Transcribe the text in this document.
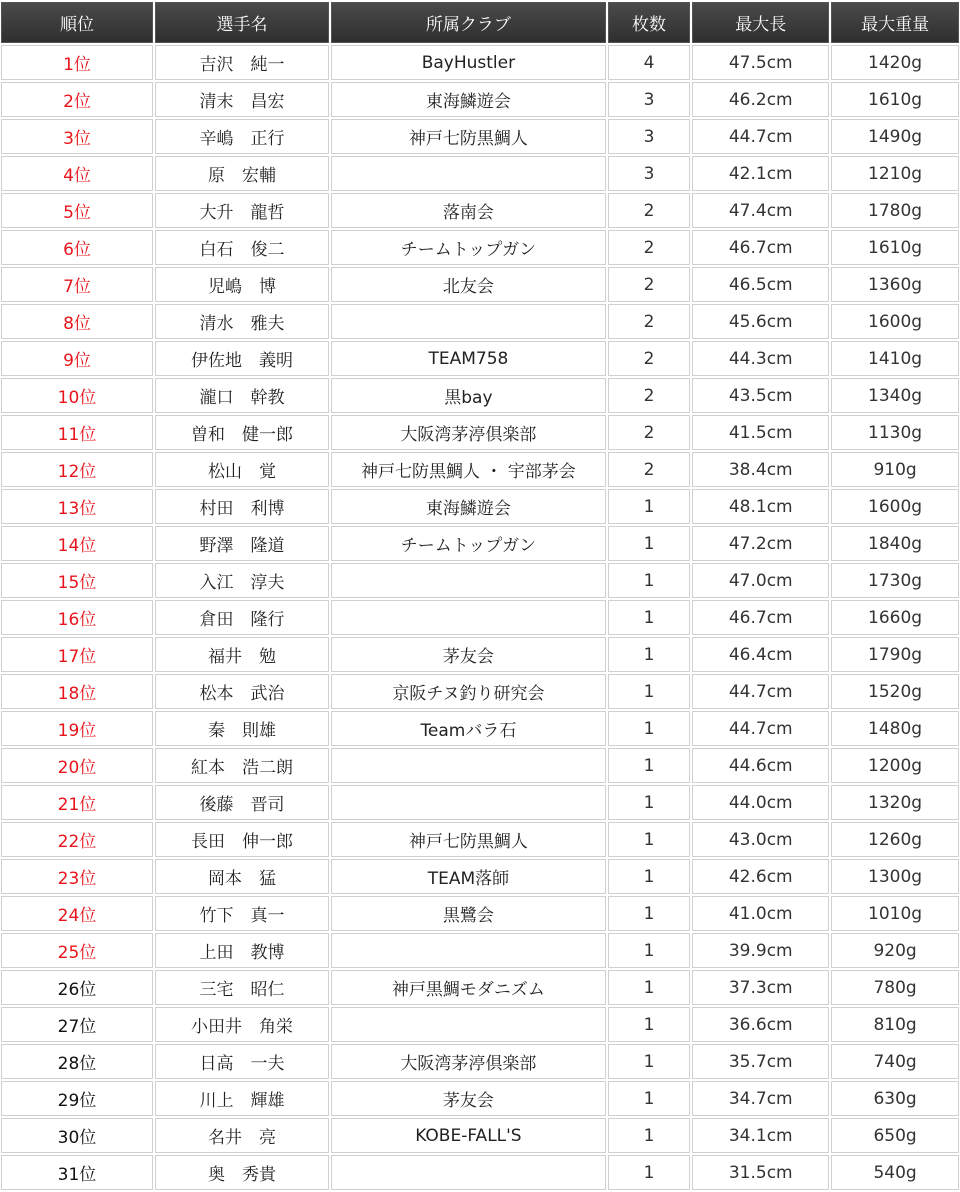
順位	選手名	所属クラブ	枚数	最大長	最大重量
1位	吉沢　純一	BayHustler	4	47.5cm	1420g
2位	清末　昌宏	東海鱗遊会	3	46.2cm	1610g
3位	辛嶋　正行	神戸七防黒鯛人	3	44.7cm	1490g
4位	原　宏輔		3	42.1cm	1210g
5位	大升　龍哲	落南会	2	47.4cm	1780g
6位	白石　俊二	チームトップガン	2	46.7cm	1610g
7位	児嶋　博	北友会	2	46.5cm	1360g
8位	清水　雅夫		2	45.6cm	1600g
9位	伊佐地　義明	TEAM758	2	44.3cm	1410g
10位	瀧口　幹教	黒bay	2	43.5cm	1340g
11位	曽和　健一郎	大阪湾茅渟倶楽部	2	41.5cm	1130g
12位	松山　覚	神戸七防黒鯛人 ・ 宇部茅会	2	38.4cm	910g
13位	村田　利博	東海鱗遊会	1	48.1cm	1600g
14位	野澤　隆道	チームトップガン	1	47.2cm	1840g
15位	入江　淳夫		1	47.0cm	1730g
16位	倉田　隆行		1	46.7cm	1660g
17位	福井　勉	茅友会	1	46.4cm	1790g
18位	松本　武治	京阪チヌ釣り研究会	1	44.7cm	1520g
19位	秦　則雄	Teamバラ石	1	44.7cm	1480g
20位	紅本　浩二朗		1	44.6cm	1200g
21位	後藤　晋司		1	44.0cm	1320g
22位	長田　伸一郎	神戸七防黒鯛人	1	43.0cm	1260g
23位	岡本　猛	TEAM落師	1	42.6cm	1300g
24位	竹下　真一	黒鷺会	1	41.0cm	1010g
25位	上田　教博		1	39.9cm	920g
26位	三宅　昭仁	神戸黒鯛モダニズム	1	37.3cm	780g
27位	小田井　角栄		1	36.6cm	810g
28位	日高　一夫	大阪湾茅渟倶楽部	1	35.7cm	740g
29位	川上　輝雄	茅友会	1	34.7cm	630g
30位	名井　亮	KOBE-FALL'S	1	34.1cm	650g
31位	奥　秀貴		1	31.5cm	540g
